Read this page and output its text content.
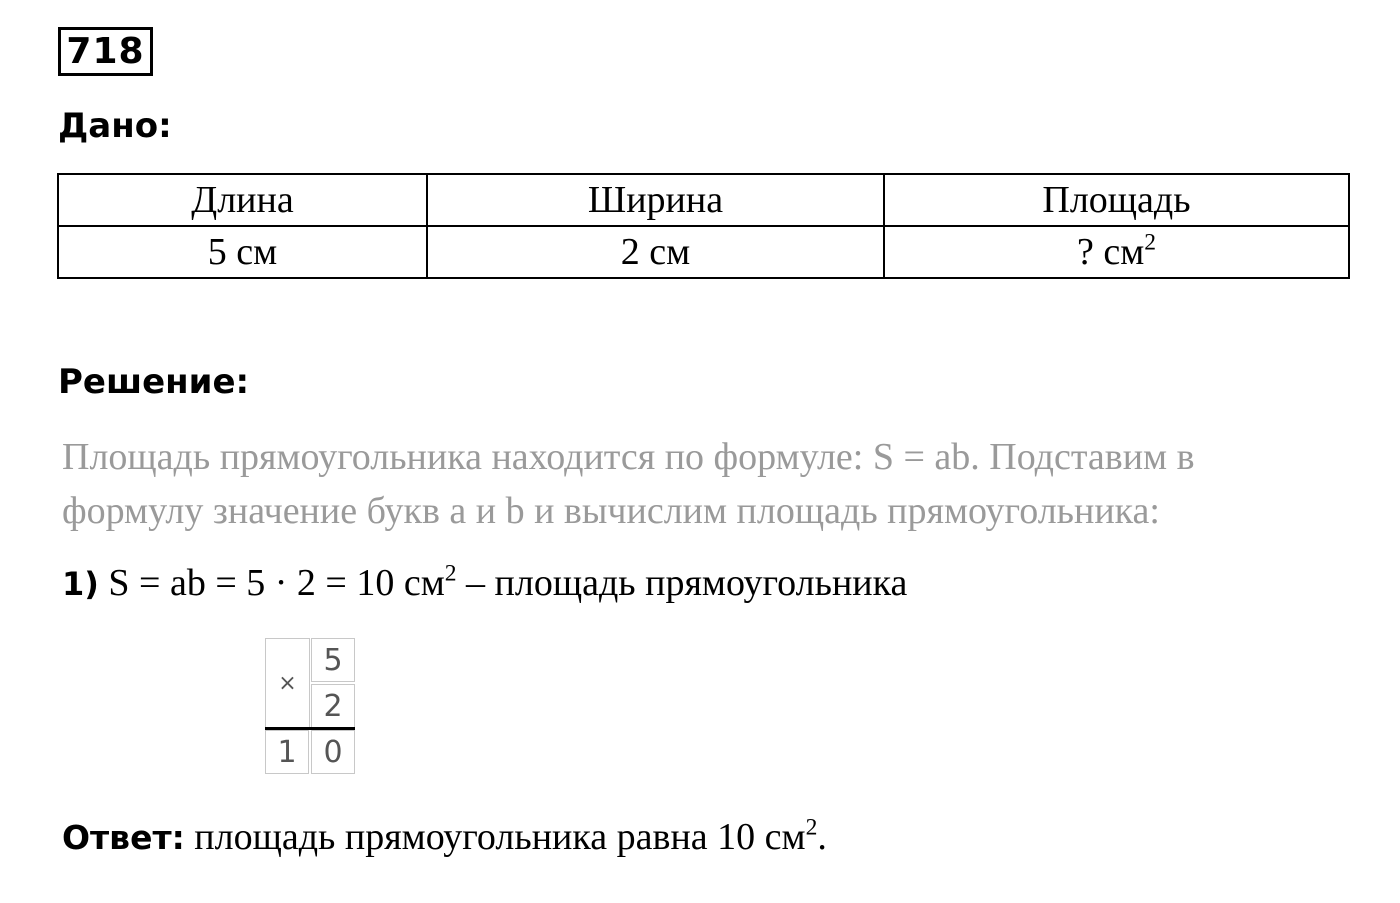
718
Дано:
Длина	Ширина	Площадь
5 см	2 см	? $см^2$
Решение:
Площадь прямоугольника находится по формуле: S = ab. Подставим в
формулу значение букв a и b и вычислим площадь прямоугольника:
1) S = ab = 5 · 2 = 10 $см^2$ – площадь прямоугольника
×
5
2
1 0
Ответ: площадь прямоугольника равна 10 $см^2$.
